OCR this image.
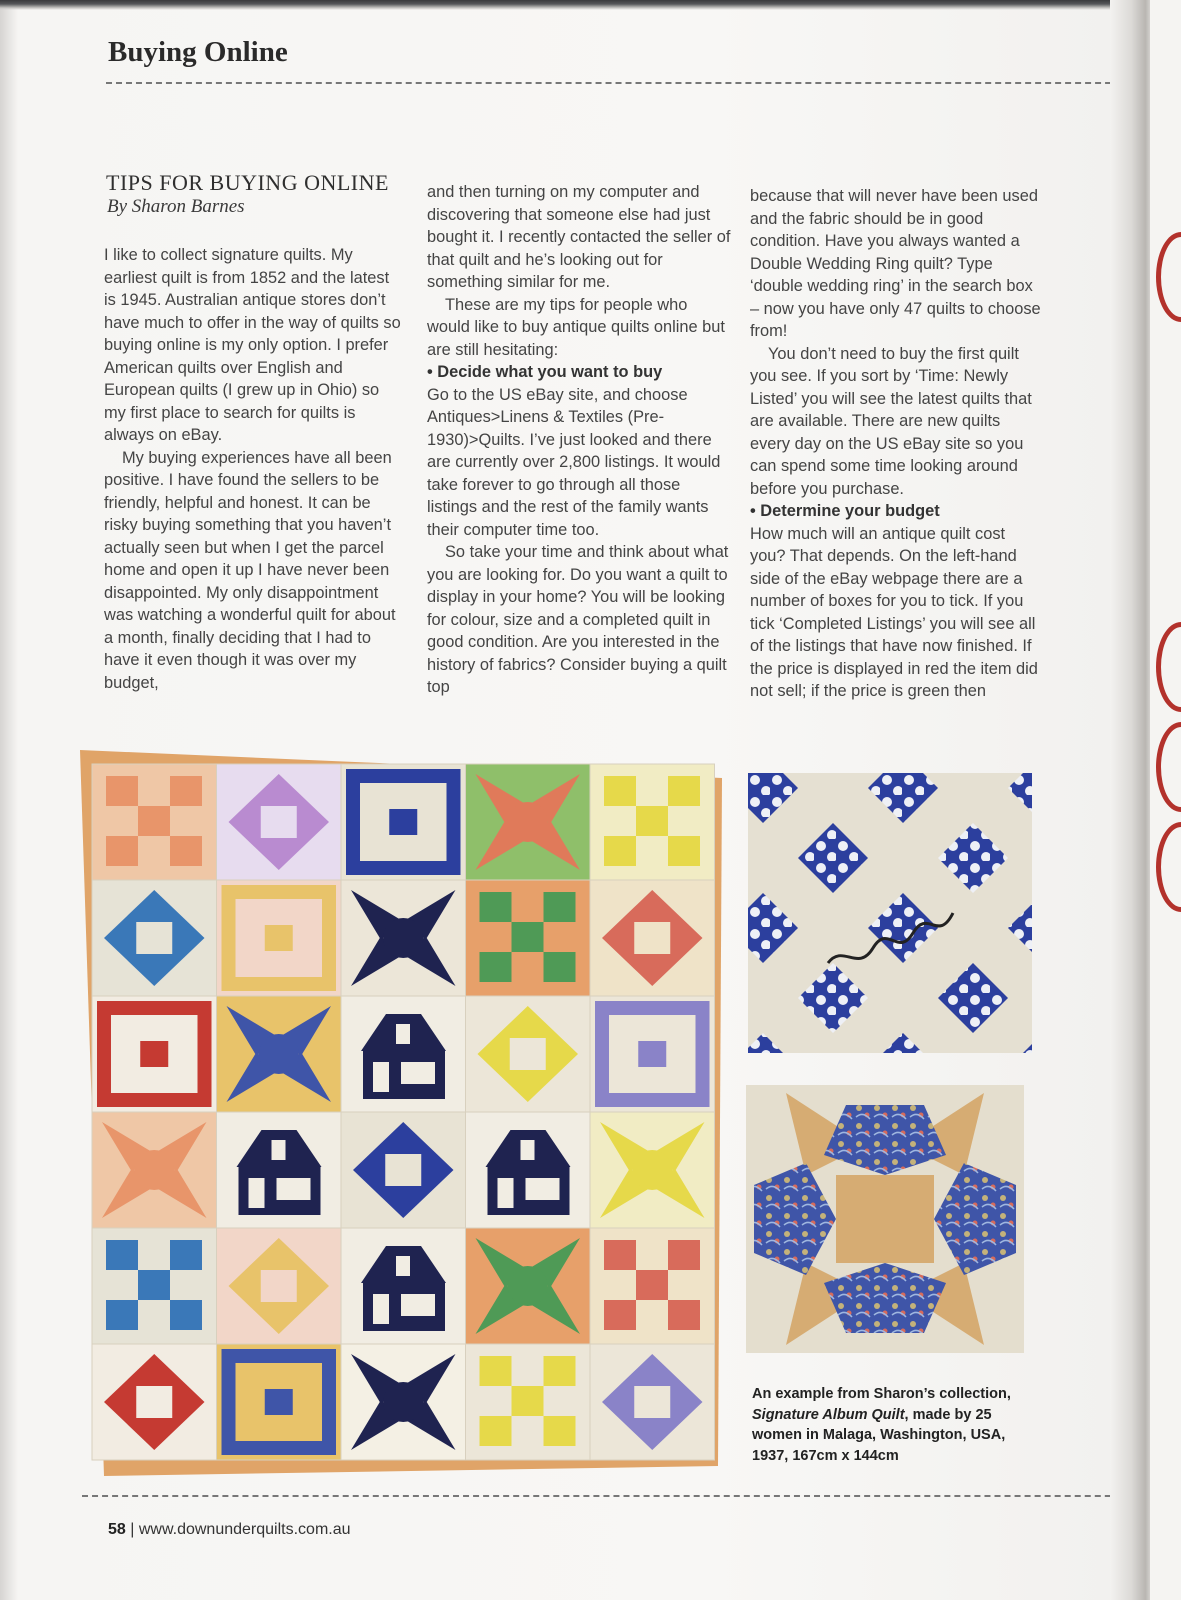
Buying Online
TIPS FOR BUYING ONLINE
By Sharon Barnes

I like to collect signature quilts. My earliest quilt is from 1852 and the latest is 1945. Australian antique stores don’t have much to offer in the way of quilts so buying online is my only option. I prefer American quilts over English and European quilts (I grew up in Ohio) so my first place to search for quilts is always on eBay.

My buying experiences have all been positive. I have found the sellers to be friendly, helpful and honest. It can be risky buying something that you haven’t actually seen but when I get the parcel home and open it up I have never been disappointed. My only disappointment was watching a wonderful quilt for about a month, finally deciding that I had to have it even though it was over my budget,

and then turning on my computer and discovering that someone else had just bought it. I recently contacted the seller of that quilt and he’s looking out for something similar for me.

These are my tips for people who would like to buy antique quilts online but are still hesitating:

• Decide what you want to buy

Go to the US eBay site, and choose Antiques>Linens & Textiles (Pre-1930)>Quilts. I’ve just looked and there are currently over 2,800 listings. It would take forever to go through all those listings and the rest of the family wants their computer time too.

So take your time and think about what you are looking for. Do you want a quilt to display in your home? You will be looking for colour, size and a completed quilt in good condition. Are you interested in the history of fabrics? Consider buying a quilt top

because that will never have been used and the fabric should be in good condition. Have you always wanted a Double Wedding Ring quilt? Type ‘double wedding ring’ in the search box – now you have only 47 quilts to choose from!

You don’t need to buy the first quilt you see. If you sort by ‘Time: Newly Listed’ you will see the latest quilts that are available. There are new quilts every day on the US eBay site so you can spend some time looking around before you purchase.

• Determine your budget

How much will an antique quilt cost you? That depends. On the left-hand side of the eBay webpage there are a number of boxes for you to tick. If you tick ‘Completed Listings’ you will see all of the listings that have now finished. If the price is displayed in red the item did not sell; if the price is green then

An example from Sharon’s collection, Signature Album Quilt, made by 25 women in Malaga, Washington, USA, 1937, 167cm x 144cm

58 | www.downunderquilts.com.au
